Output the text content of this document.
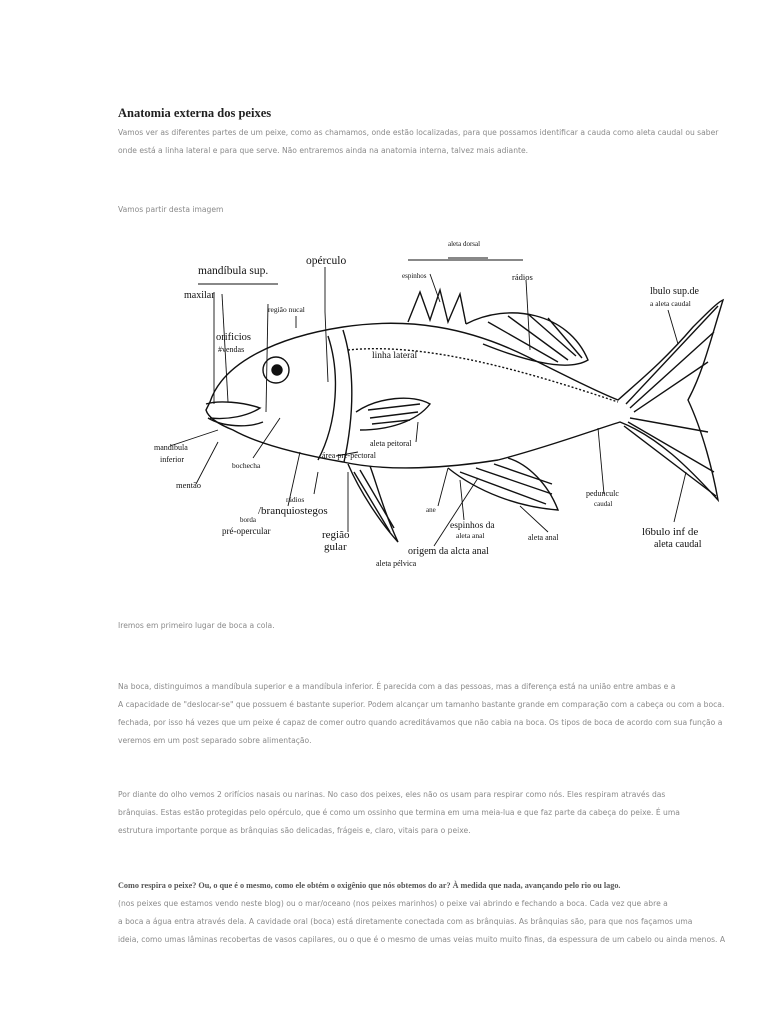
Anatomia externa dos peixes
Vamos ver as diferentes partes de um peixe, como as chamamos, onde estão localizadas, para que possamos identificar a cauda como aleta caudal ou saber
onde está a linha lateral e para que serve. Não entraremos ainda na anatomia interna, talvez mais adiante.
Vamos partir desta imagem
Iremos em primeiro lugar de boca a cola.
Na boca, distinguimos a mandíbula superior e a mandíbula inferior. É parecida com a das pessoas, mas a diferença está na união entre ambas e a
A capacidade de "deslocar-se" que possuem é bastante superior. Podem alcançar um tamanho bastante grande em comparação com a cabeça ou com a boca.
fechada, por isso há vezes que um peixe é capaz de comer outro quando acreditávamos que não cabia na boca. Os tipos de boca de acordo com sua função a
veremos em um post separado sobre alimentação.
Por diante do olho vemos 2 orifícios nasais ou narinas. No caso dos peixes, eles não os usam para respirar como nós. Eles respiram através das
brânquias. Estas estão protegidas pelo opérculo, que é como um ossinho que termina em uma meia-lua e que faz parte da cabeça do peixe. É uma
estrutura importante porque as brânquias são delicadas, frágeis e, claro, vitais para o peixe.
Como respira o peixe? Ou, o que é o mesmo, como ele obtém o oxigênio que nós obtemos do ar? À medida que nada, avançando pelo rio ou lago.
(nos peixes que estamos vendo neste blog) ou o mar/oceano (nos peixes marinhos) o peixe vai abrindo e fechando a boca. Cada vez que abre a
a boca a água entra através dela. A cavidade oral (boca) está diretamente conectada com as brânquias. As brânquias são, para que nos façamos uma
ideia, como umas lâminas recobertas de vasos capilares, ou o que é o mesmo de umas veias muito muito finas, da espessura de um cabelo ou ainda menos. A
aleta dorsal
espinhos	rádios
opérculo
mandíbula sup.
maxilar
região nucal
orificios
#vendas
linha lateral
lbulo sup.de
a aleta caudal
aleta peitoral
área pré-pectoral
mandibula
inferior
bochecha
mentão
rádios
/branquiostegos
borda
pré-opercular	região
gular
ane
espinhos da
aleta anal	aleta anal
origem da alcta anal
aleta pélvica
pedunculc
caudal
l6bulo inf de
aleta caudal
